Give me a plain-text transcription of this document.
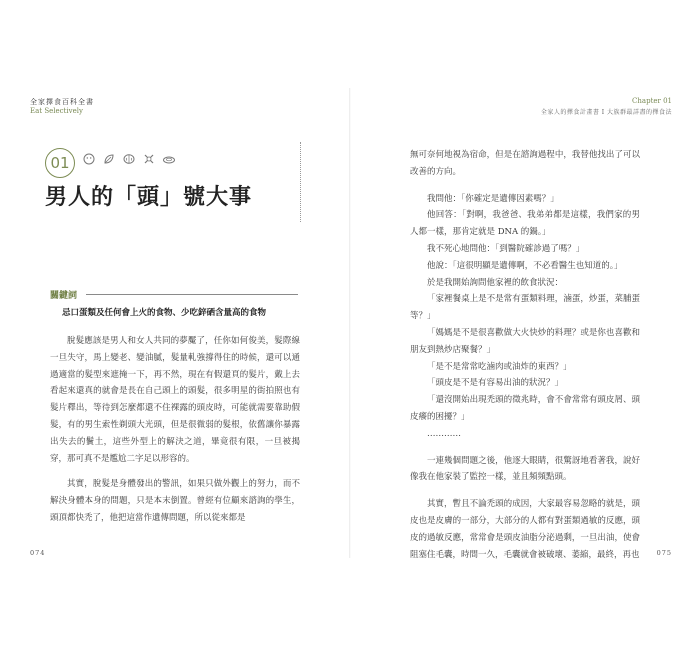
全家擇食百科全書
Eat Selectively
01
男人的「頭」號大事
關鍵詞
忌口蛋類及任何會上火的食物、少吃鋅硒含量高的食物

脫髮應該是男人和女人共同的夢魘了，任你如何俊美，髮際線一旦失守，馬上變老、變油膩，髮量軋強撐得住的時候，還可以通過適當的髮型來遮掩一下，再不然，現在有假還頁的髮片，戴上去看起來還真的就會是長在自己頭上的頭髮，很多明星的街拍照也有髮片釋出，等待到怎麼都還不住裸露的頭皮時，可能就需要靠助假髮，有的男生索性剃頭大光頭，但是很微弱的髮根，依舊讓你暴露出失去的鬢土，這些外型上的解決之道，畢竟很有限，一旦被揭穿，那可真不是尷尬二字足以形容的。

其實，脫髮是身體發出的警訊，如果只做外觀上的努力，而不解決身體本身的問題，只是本末倒置。曾經有位顧來諮詢的學生，頭頂都快禿了，他把這當作遺傳問題，所以從來都是

074
Chapter 01
全家人的擇食計畫書 I 大族群最詳盡的擇食法

無可奈何地視為宿命，但是在諮詢過程中，我替他找出了可以改善的方向。

我問他：「你確定是遺傳因素嗎？」

他回答：「對啊，我爸爸、我弟弟都是這樣，我們家的男人都一樣，那肯定就是 DNA 的鍋。」

我不死心地問他：「到醫院確診過了嗎？」

他說：「這很明顯是遺傳啊，不必看醫生也知道的。」

於是我開始詢問他家裡的飲食狀況：

「家裡餐桌上是不是常有蛋類料理，滷蛋，炒蛋，菜脯蛋等？」

「媽媽是不是很喜歡做大火快炒的料理？或是你也喜歡和朋友到熱炒店聚餐？」

「是不是常常吃滷肉或油炸的東西？」

「頭皮是不是有容易出油的狀況？」

「還沒開始出現禿頭的徵兆時，會不會常常有頭皮屑、頭皮癢的困擾？」

…………

一連幾個問題之後，他逐大眼睛，很驚訝地看著我，說好像我在他家裝了監控一樣，並且頻頻點頭。

其實，暫且不論禿頭的成因，大家最容易忽略的就是，頭皮也是皮膚的一部分，大部分的人都有對蛋類過敏的反應，頭皮的過敏反應，常常會是頭皮油脂分泌過剩，一旦出油，使會阻塞住毛囊，時間一久，毛囊就會被破壞、萎縮，最終，再也	075
